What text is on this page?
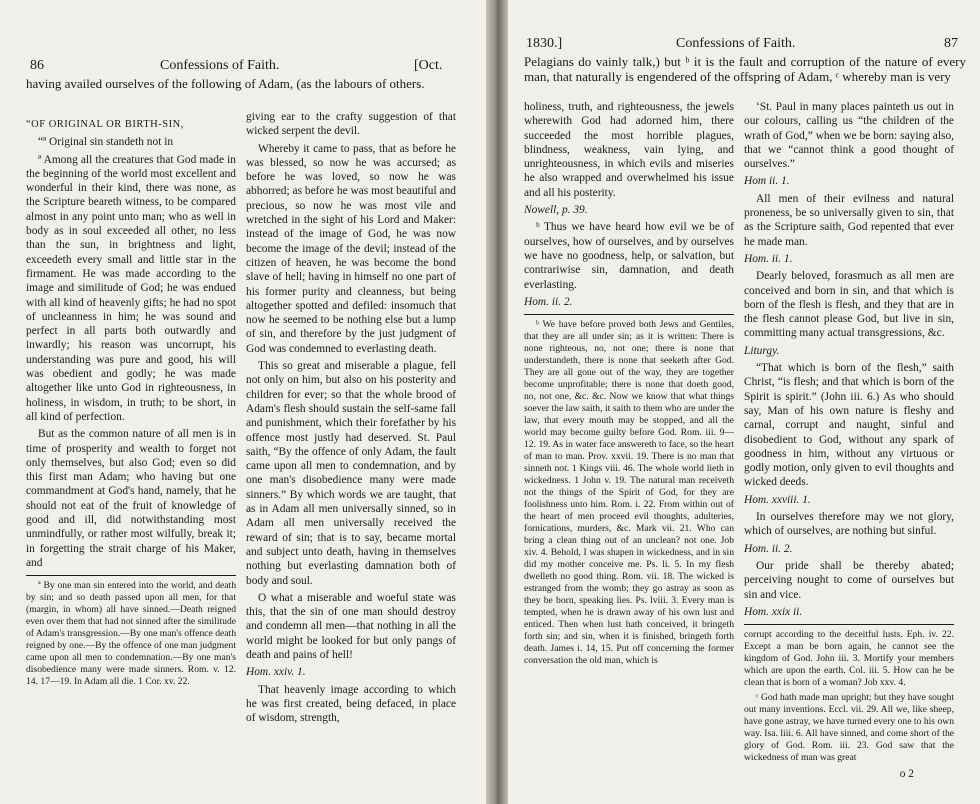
86	Confessions of Faith.	[Oct.
having availed ourselves of the following of Adam, (as the labours of others.

“OF ORIGINAL OR BIRTH-SIN,

“ª Original sin standeth not in

ª Among all the creatures that God made in the beginning of the world most excellent and wonderful in their kind, there was none, as the Scripture beareth witness, to be compared almost in any point unto man; who as well in body as in soul exceeded all other, no less than the sun, in brightness and light, exceedeth every small and little star in the firmament. He was made according to the image and similitude of God; he was endued with all kind of heavenly gifts; he had no spot of uncleanness in him; he was sound and perfect in all parts both outwardly and inwardly; his reason was uncorrupt, his understanding was pure and good, his will was obedient and godly; he was made altogether like unto God in righteousness, in holiness, in wisdom, in truth; to be short, in all kind of perfection.

But as the common nature of all men is in time of prosperity and wealth to forget not only themselves, but also God; even so did this first man Adam; who having but one commandment at God's hand, namely, that he should not eat of the fruit of knowledge of good and ill, did notwithstanding most unmindfully, or rather most wilfully, break it; in forgetting the strait charge of his Maker, and

ª By one man sin entered into the world, and death by sin; and so death passed upon all men, for that (margin, in whom) all have sinned.—Death reigned even over them that had not sinned after the similitude of Adam's transgression.—By one man's offence death reigned by one.—By the offence of one man judgment came upon all men to condemnation.—By one man's disobedience many were made sinners. Rom. v. 12. 14. 17—19. In Adam all die. 1 Cor. xv. 22.

giving ear to the crafty suggestion of that wicked serpent the devil.

Whereby it came to pass, that as before he was blessed, so now he was accursed; as before he was loved, so now he was abhorred; as before he was most beautiful and precious, so now he was most vile and wretched in the sight of his Lord and Maker: instead of the image of God, he was now become the image of the devil; instead of the citizen of heaven, he was become the bond slave of hell; having in himself no one part of his former purity and cleanness, but being altogether spotted and defiled: insomuch that now he seemed to be nothing else but a lump of sin, and therefore by the just judgment of God was condemned to everlasting death.

This so great and miserable a plague, fell not only on him, but also on his posterity and children for ever; so that the whole brood of Adam's flesh should sustain the self-same fall and punishment, which their forefather by his offence most justly had deserved. St. Paul saith, “By the offence of only Adam, the fault came upon all men to condemnation, and by one man's disobedience many were made sinners.” By which words we are taught, that as in Adam all men universally sinned, so in Adam all men universally received the reward of sin; that is to say, became mortal and subject unto death, having in themselves nothing but everlasting damnation both of body and soul.

O what a miserable and woeful state was this, that the sin of one man should destroy and condemn all men—that nothing in all the world might be looked for but only pangs of death and pains of hell!

Hom. xxiv. 1.

That heavenly image according to which he was first created, being defaced, in place of wisdom, strength,

1830.]	Confessions of Faith.	87
Pelagians do vainly talk,) but ᵇ it is the fault and corruption of the nature of every man, that naturally is engendered of the offspring of Adam, ᶜ whereby man is very

holiness, truth, and righteousness, the jewels wherewith God had adorned him, there succeeded the most horrible plagues, blindness, weakness, vain lying, and unrighteousness, in which evils and miseries he also wrapped and overwhelmed his issue and all his posterity.

Nowell, p. 39.

ᵇ Thus we have heard how evil we be of ourselves, how of ourselves, and by ourselves we have no goodness, help, or salvation, but contrariwise sin, damnation, and death everlasting.

Hom. ii. 2.

ᵇ We have before proved both Jews and Gentiles, that they are all under sin; as it is written: There is none righteous, no, not one; there is none that understandeth, there is none that seeketh after God. They are all gone out of the way, they are together become unprofitable; there is none that doeth good, no, not one, &c. &c. Now we know that what things soever the law saith, it saith to them who are under the law, that every mouth may be stopped, and all the world may become guilty before God. Rom. iii. 9—12. 19. As in water face answereth to face, so the heart of man to man. Prov. xxvii. 19. There is no man that sinneth not. 1 Kings viii. 46. The whole world lieth in wickedness. 1 John v. 19. The natural man receiveth not the things of the Spirit of God, for they are foolishness unto him. Rom. i. 22. From within out of the heart of men proceed evil thoughts, adulteries, fornications, murders, &c. Mark vii. 21. Who can bring a clean thing out of an unclean? not one. Job xiv. 4. Behold, I was shapen in wickedness, and in sin did my mother conceive me. Ps. li. 5. In my flesh dwelleth no good thing. Rom. vii. 18. The wicked is estranged from the womb; they go astray as soon as they be born, speaking lies. Ps. lviii. 3. Every man is tempted, when he is drawn away of his own lust and enticed. Then when lust hath conceived, it bringeth forth sin; and sin, when it is finished, bringeth forth death. James i. 14, 15. Put off concerning the former conversation the old man, which is

‘St. Paul in many places painteth us out in our colours, calling us “the children of the wrath of God,” when we be born: saying also, that we “cannot think a good thought of ourselves.”

Hom ii. 1.

All men of their evilness and natural proneness, be so universally given to sin, that as the Scripture saith, God repented that ever he made man.

Hom. ii. 1.

Dearly beloved, forasmuch as all men are conceived and born in sin, and that which is born of the flesh is flesh, and they that are in the flesh cannot please God, but live in sin, committing many actual transgressions, &c.

Liturgy.

“That which is born of the flesh,” saith Christ, “is flesh; and that which is born of the Spirit is spirit.” (John iii. 6.) As who should say, Man of his own nature is fleshy and carnal, corrupt and naught, sinful and disobedient to God, without any spark of goodness in him, without any virtuous or godly motion, only given to evil thoughts and wicked deeds.

Hom. xxviii. 1.

In ourselves therefore may we not glory, which of ourselves, are nothing but sinful.

Hom. ii. 2.

Our pride shall be thereby abated; perceiving nought to come of ourselves but sin and vice.

Hom. xxix ii.

corrupt according to the deceitful lusts. Eph. iv. 22. Except a man be born again, he cannot see the kingdom of God. John iii. 3. Mortify your members which are upon the earth. Col. iii. 5. How can he be clean that is born of a woman? Job xxv. 4.

ᶜ God hath made man upright; but they have sought out many inventions. Eccl. vii. 29. All we, like sheep, have gone astray, we have turned every one to his own way. Isa. liii. 6. All have sinned, and come short of the glory of God. Rom. iii. 23. God saw that the wickedness of man was great

o 2
